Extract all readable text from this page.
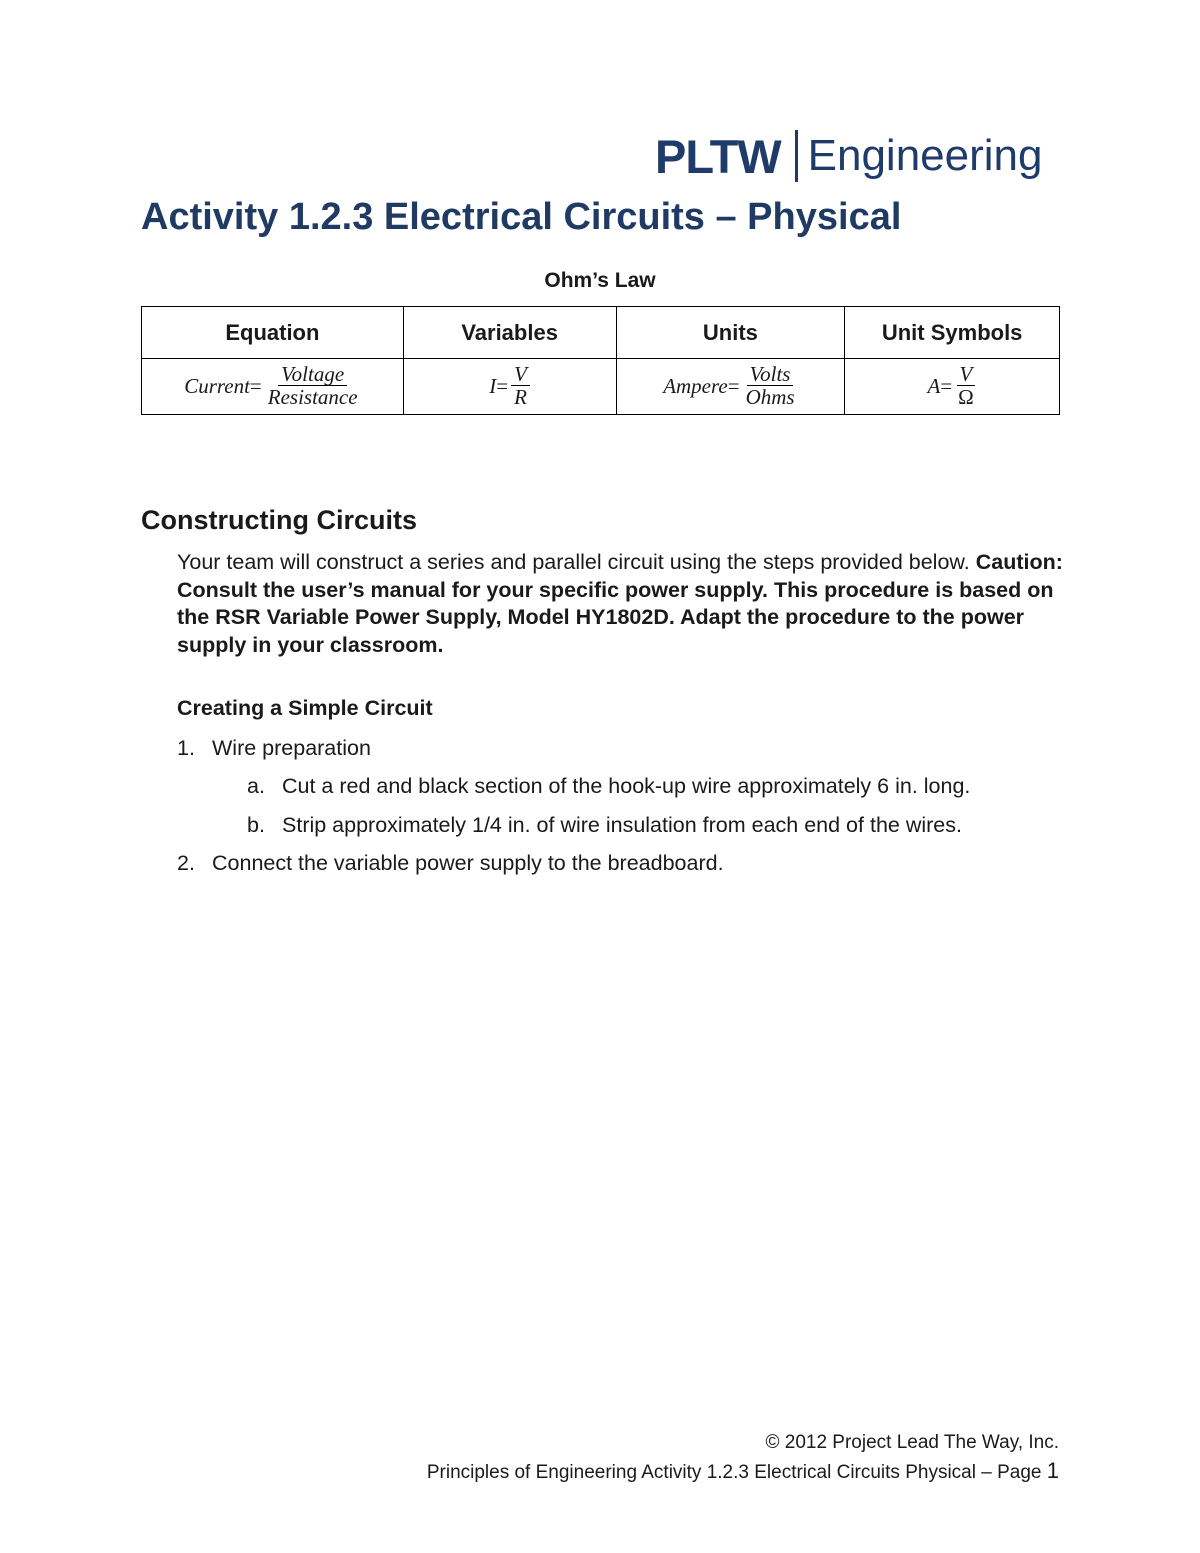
PLTW Engineering
Activity 1.2.3 Electrical Circuits – Physical
Ohm’s Law
Equation	Variables	Units	Unit Symbols

Current = $\frac{\text{Voltage}}{\text{Resistance}}$	$I = \frac{V}{R}$	Ampere = $\frac{\text{Volts}}{\text{Ohms}}$	$A = \frac{V}{\Omega}$
Constructing Circuits
Your team will construct a series and parallel circuit using the steps provided below. Caution: Consult the user’s manual for your specific power supply. This procedure is based on the RSR Variable Power Supply, Model HY1802D. Adapt the procedure to the power supply in your classroom.
Creating a Simple Circuit
1. Wire preparation
a. Cut a red and black section of the hook-up wire approximately 6 in. long.
b. Strip approximately 1/4 in. of wire insulation from each end of the wires.
2. Connect the variable power supply to the breadboard.
© 2012 Project Lead The Way, Inc.
Principles of Engineering Activity 1.2.3 Electrical Circuits Physical – Page 1
